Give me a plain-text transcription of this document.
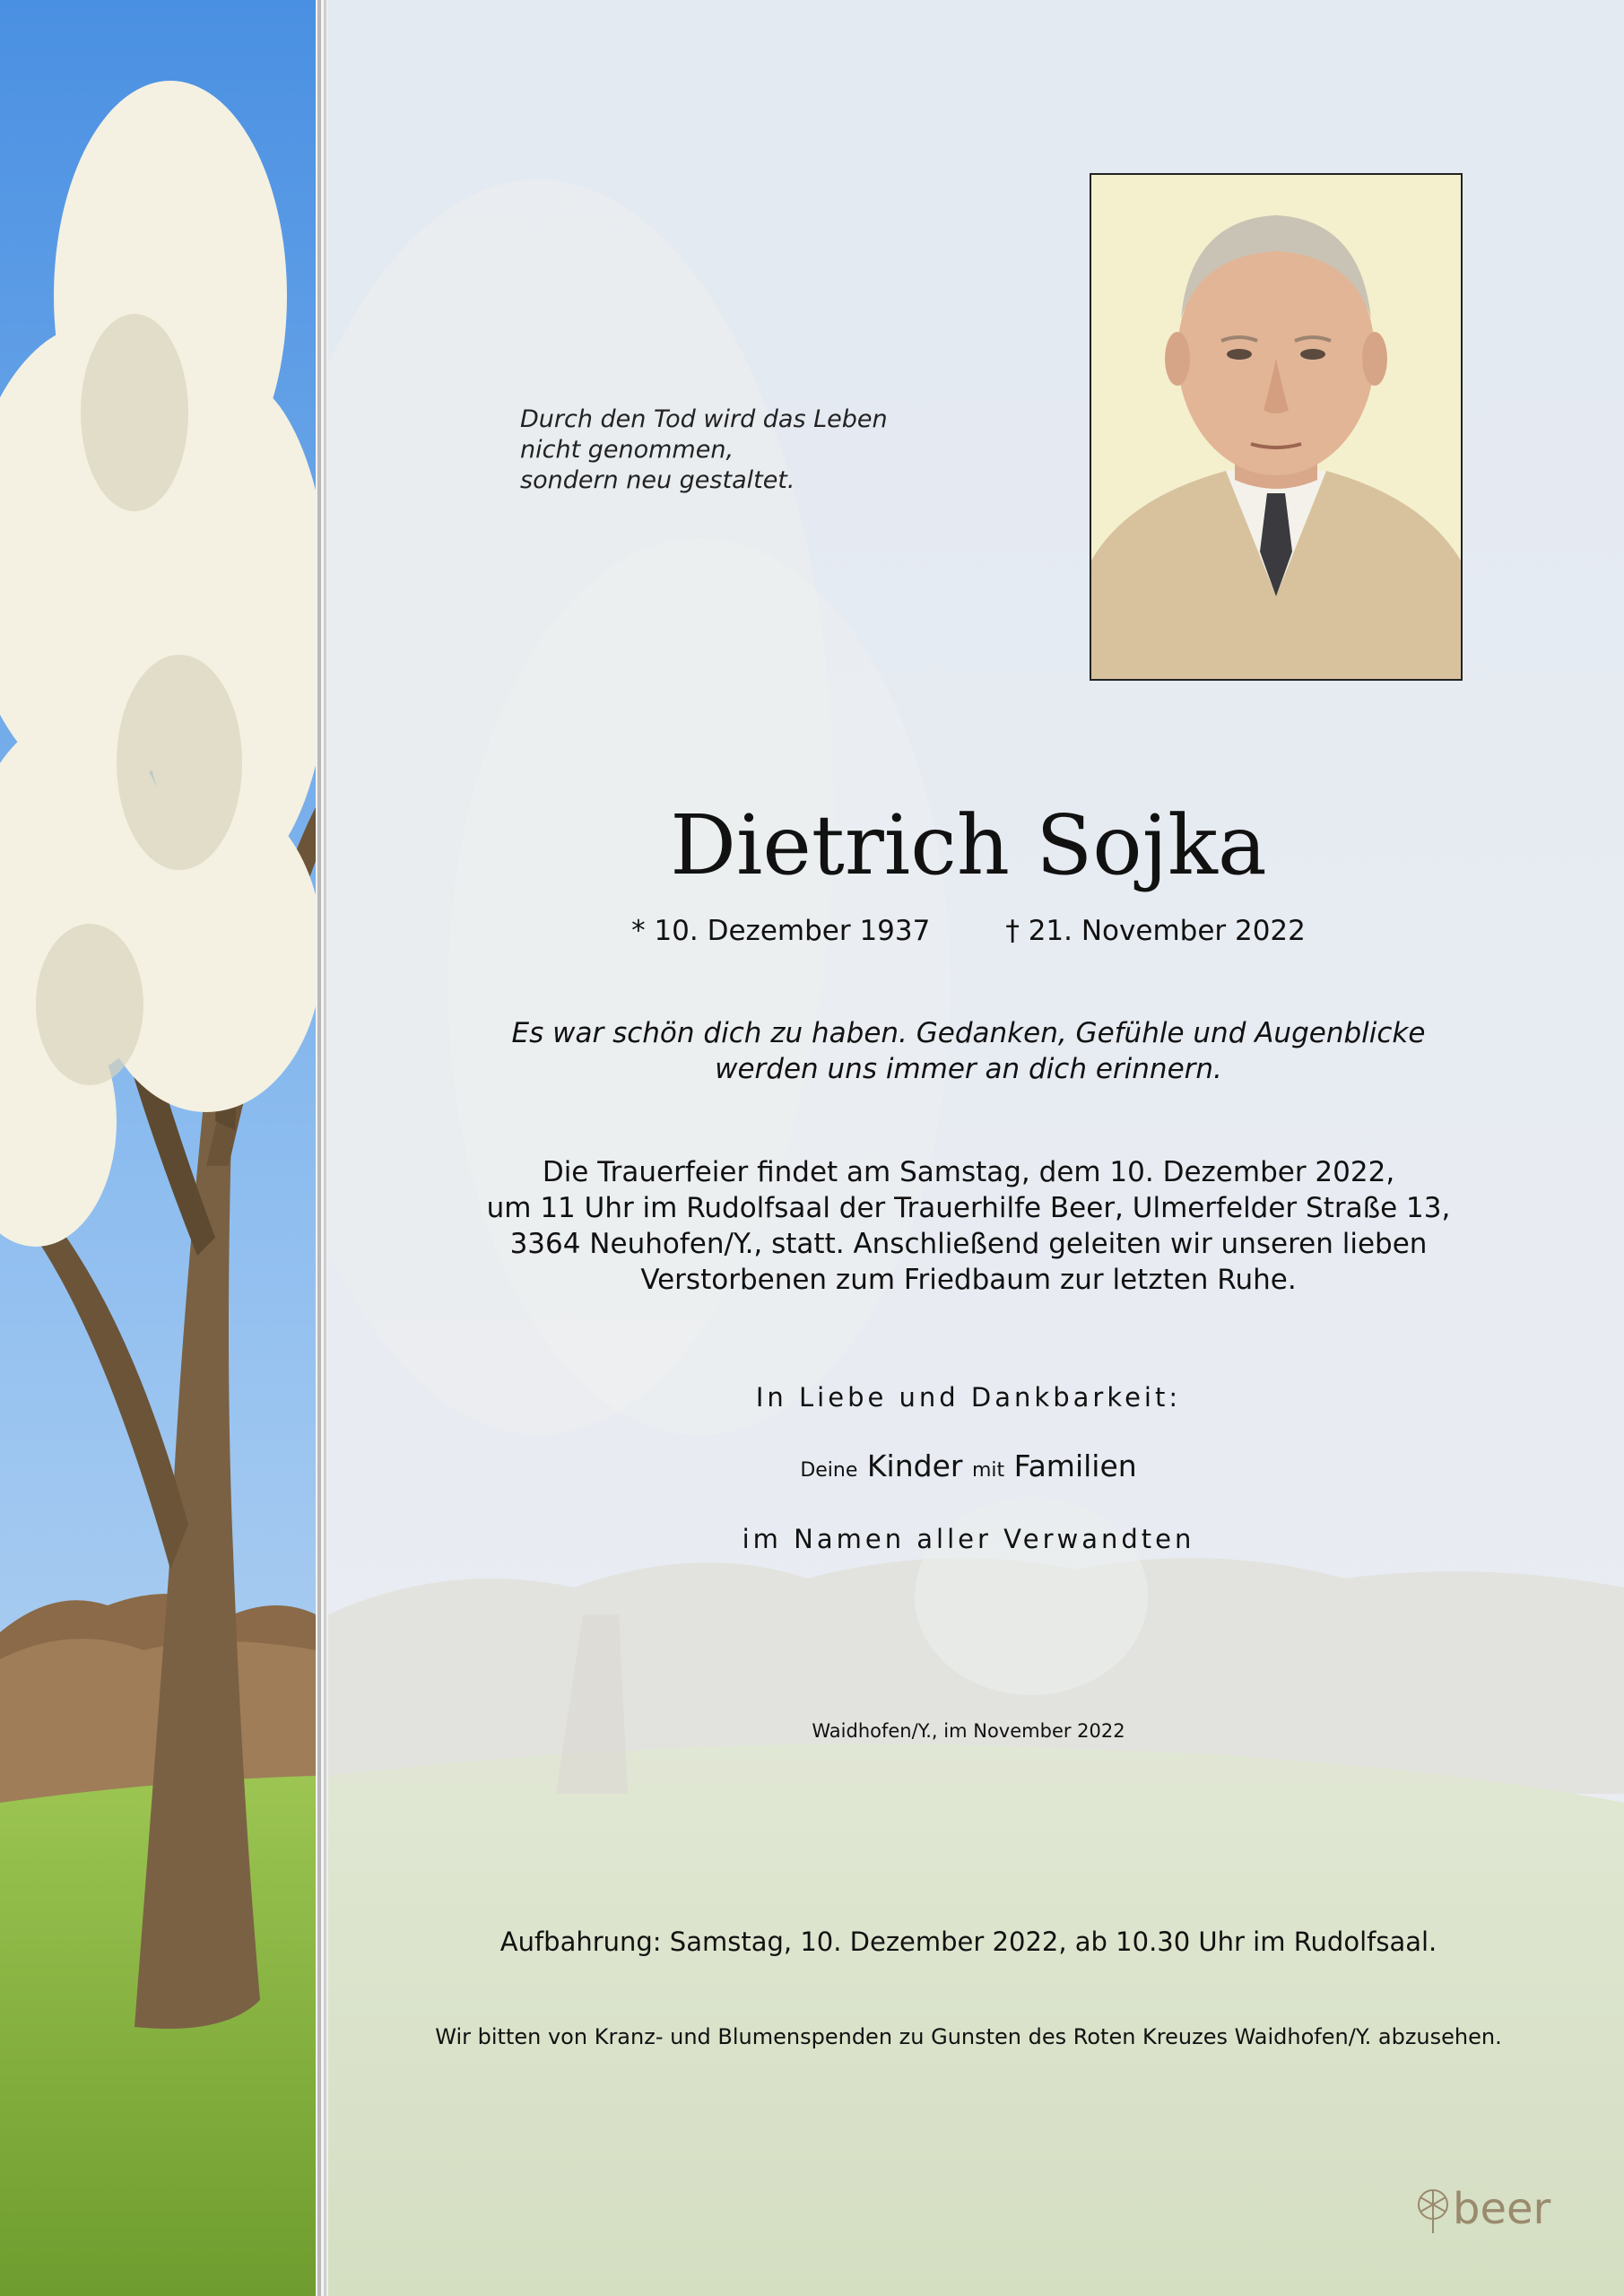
Durch den Tod wird das Leben
nicht genommen,
sondern neu gestaltet.
Dietrich Sojka
* 10. Dezember 1937	† 21. November 2022
Es war schön dich zu haben. Gedanken, Gefühle und Augenblicke
werden uns immer an dich erinnern.
Die Trauerfeier findet am Samstag, dem 10. Dezember 2022,
um 11 Uhr im Rudolfsaal der Trauerhilfe Beer, Ulmerfelder Straße 13,
3364 Neuhofen/Y., statt. Anschließend geleiten wir unseren lieben
Verstorbenen zum Friedbaum zur letzten Ruhe.
In Liebe und Dankbarkeit:
Deine Kinder mit Familien
im Namen aller Verwandten
Waidhofen/Y., im November 2022
Aufbahrung: Samstag, 10. Dezember 2022, ab 10.30 Uhr im Rudolfsaal.
Wir bitten von Kranz- und Blumenspenden zu Gunsten des Roten Kreuzes Waidhofen/Y. abzusehen.
beer
